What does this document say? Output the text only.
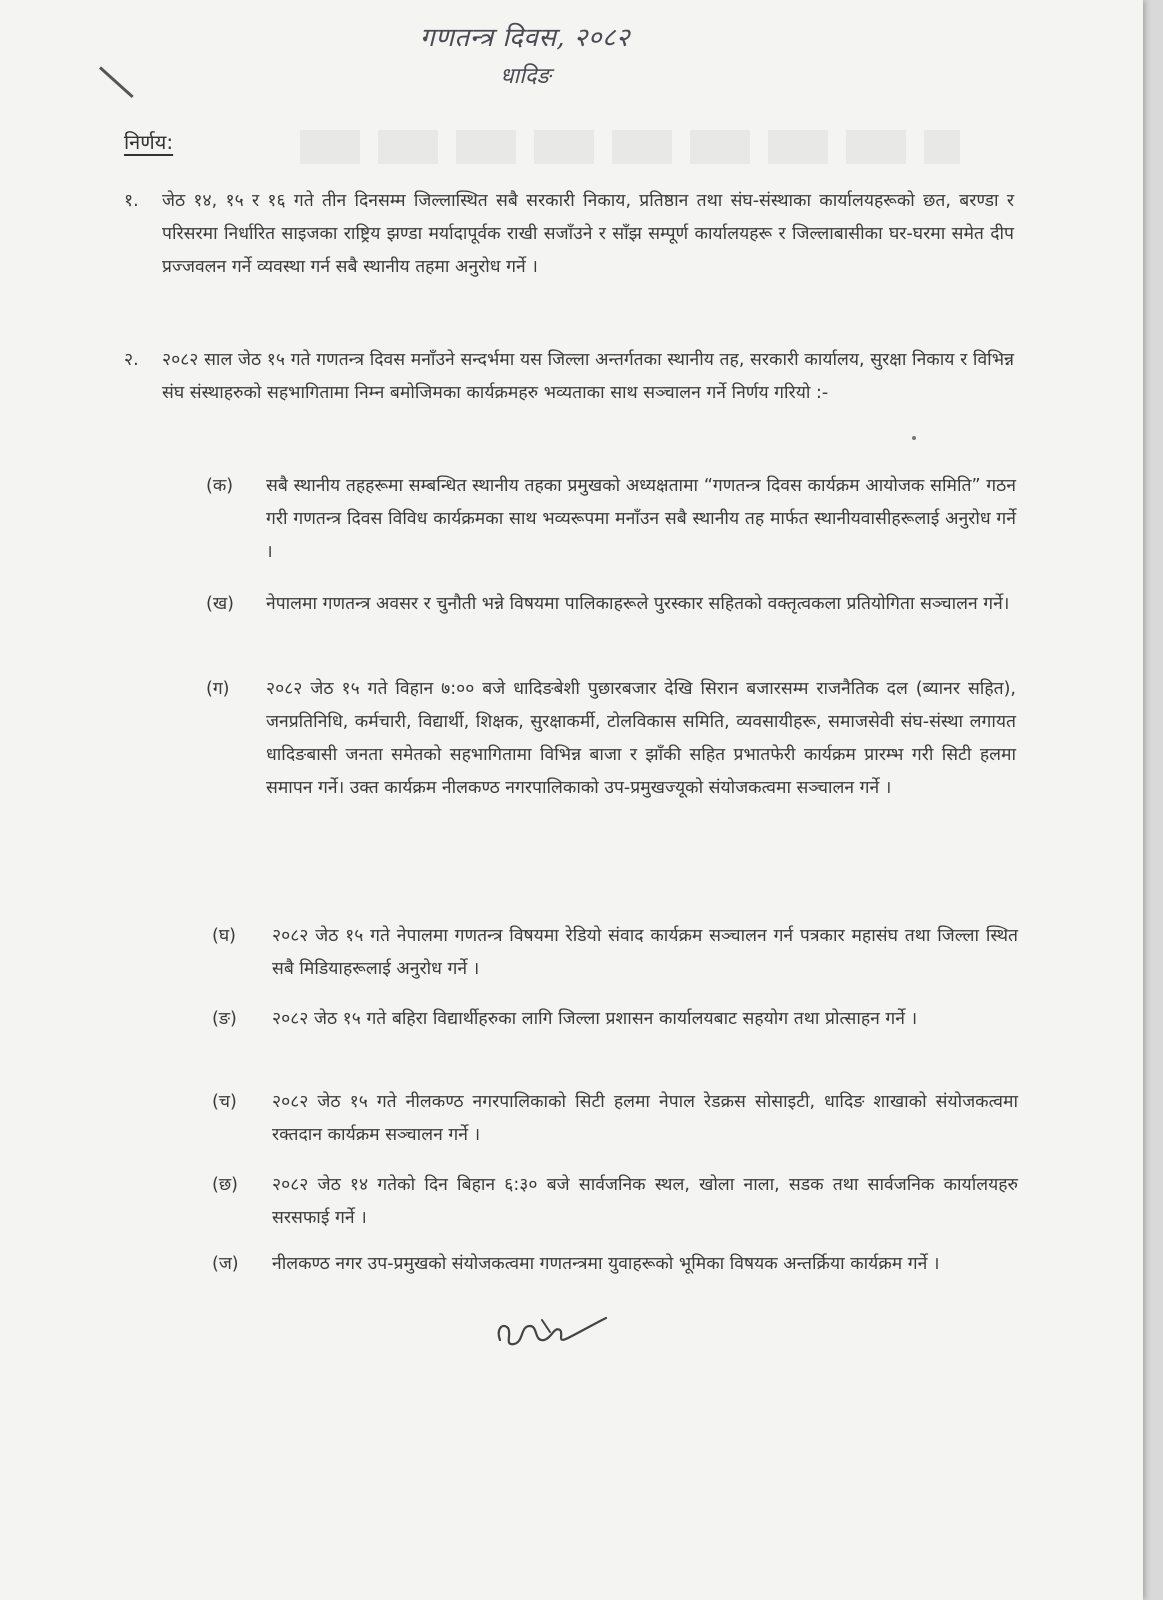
गणतन्त्र दिवस, २०८२
धादिङ
निर्णय:
१. जेठ १४, १५ र १६ गते तीन दिनसम्म जिल्लास्थित सबै सरकारी निकाय, प्रतिष्ठान तथा संघ-संस्थाका कार्यालयहरूको छत, बरण्डा र परिसरमा निर्धारित साइजका राष्ट्रिय झण्डा मर्यादापूर्वक राखी सजाँउने र साँझ सम्पूर्ण कार्यालयहरू र जिल्लाबासीका घर-घरमा समेत दीप प्रज्जवलन गर्ने व्यवस्था गर्न सबै स्थानीय तहमा अनुरोध गर्ने ।
२. २०८२ साल जेठ १५ गते गणतन्त्र दिवस मनाँउने सन्दर्भमा यस जिल्ला अन्तर्गतका स्थानीय तह, सरकारी कार्यालय, सुरक्षा निकाय र विभिन्न संघ संस्थाहरुको सहभागितामा निम्न बमोजिमका कार्यक्रमहरु भव्यताका साथ सञ्चालन गर्ने निर्णय गरियो :-
(क) सबै स्थानीय तहहरूमा सम्बन्धित स्थानीय तहका प्रमुखको अध्यक्षतामा “गणतन्त्र दिवस कार्यक्रम आयोजक समिति” गठन गरी गणतन्त्र दिवस विविध कार्यक्रमका साथ भव्यरूपमा मनाँउन सबै स्थानीय तह मार्फत स्थानीयवासीहरूलाई अनुरोध गर्ने ।
(ख) नेपालमा गणतन्त्र अवसर र चुनौती भन्ने विषयमा पालिकाहरूले पुरस्कार सहितको वक्तृत्वकला प्रतियोगिता सञ्चालन गर्ने।
(ग) २०८२ जेठ १५ गते विहान ७:०० बजे धादिङबेशी पुछारबजार देखि सिरान बजारसम्म राजनैतिक दल (ब्यानर सहित), जनप्रतिनिधि, कर्मचारी, विद्यार्थी, शिक्षक, सुरक्षाकर्मी, टोलविकास समिति, व्यवसायीहरू, समाजसेवी संघ-संस्था लगायत धादिङबासी जनता समेतको सहभागितामा विभिन्न बाजा र झाँकी सहित प्रभातफेरी कार्यक्रम प्रारम्भ गरी सिटी हलमा समापन गर्ने। उक्त कार्यक्रम नीलकण्ठ नगरपालिकाको उप-प्रमुखज्यूको संयोजकत्वमा सञ्चालन गर्ने ।
(घ) २०८२ जेठ १५ गते नेपालमा गणतन्त्र विषयमा रेडियो संवाद कार्यक्रम सञ्चालन गर्न पत्रकार महासंघ तथा जिल्ला स्थित सबै मिडियाहरूलाई अनुरोध गर्ने ।
(ङ) २०८२ जेठ १५ गते बहिरा विद्यार्थीहरुका लागि जिल्ला प्रशासन कार्यालयबाट सहयोग तथा प्रोत्साहन गर्ने ।
(च) २०८२ जेठ १५ गते नीलकण्ठ नगरपालिकाको सिटी हलमा नेपाल रेडक्रस सोसाइटी, धादिङ शाखाको संयोजकत्वमा रक्तदान कार्यक्रम सञ्चालन गर्ने ।
(छ) २०८२ जेठ १४ गतेको दिन बिहान ६:३० बजे सार्वजनिक स्थल, खोला नाला, सडक तथा सार्वजनिक कार्यालयहरु सरसफाई गर्ने ।
(ज) नीलकण्ठ नगर उप-प्रमुखको संयोजकत्वमा गणतन्त्रमा युवाहरूको भूमिका विषयक अन्तर्क्रिया कार्यक्रम गर्ने ।
